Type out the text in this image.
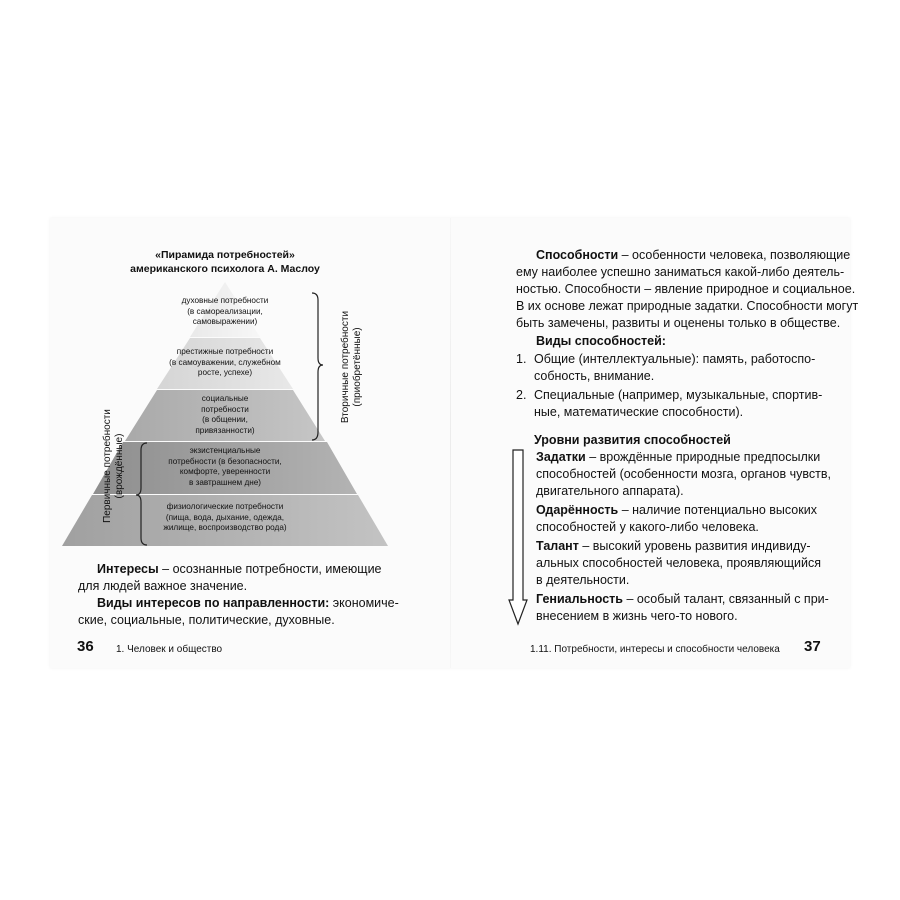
«Пирамида потребностей»
американского психолога А. Маслоу
духовные потребности
(в самореализации,
самовыражении)
престижные потребности
(в самоуважении, служебном
росте, успехе)
социальные
потребности
(в общении,
привязанности)
экзистенциальные
потребности (в безопасности,
комфорте, уверенности
в завтрашнем дне)
физиологические потребности
(пища, вода, дыхание, одежда,
жилище, воспроизводство рода)
Вторичные потребности (приобретённые)
Первичные потребности (врождённые)
Интересы – осознанные потребности, имеющие
для людей важное значение.
Виды интересов по направленности: экономиче-
ские, социальные, политические, духовные.
36 1. Человек и общество
Способности – особенности человека, позволяющие
ему наиболее успешно заниматься какой-либо деятель-
ностью. Способности – явление природное и социальное.
В их основе лежат природные задатки. Способности могут
быть замечены, развиты и оценены только в обществе.
Виды способностей:
1. Общие (интеллектуальные): память, работоспо-
собность, внимание.
2. Специальные (например, музыкальные, спортив-
ные, математические способности).
Уровни развития способностей
Задатки – врождённые природные предпосылки
способностей (особенности мозга, органов чувств,
двигательного аппарата).
Одарённость – наличие потенциально высоких
способностей у какого-либо человека.
Талант – высокий уровень развития индивиду-
альных способностей человека, проявляющийся
в деятельности.
Гениальность – особый талант, связанный с при-
внесением в жизнь чего-то нового.
1.11. Потребности, интересы и способности человека 37
